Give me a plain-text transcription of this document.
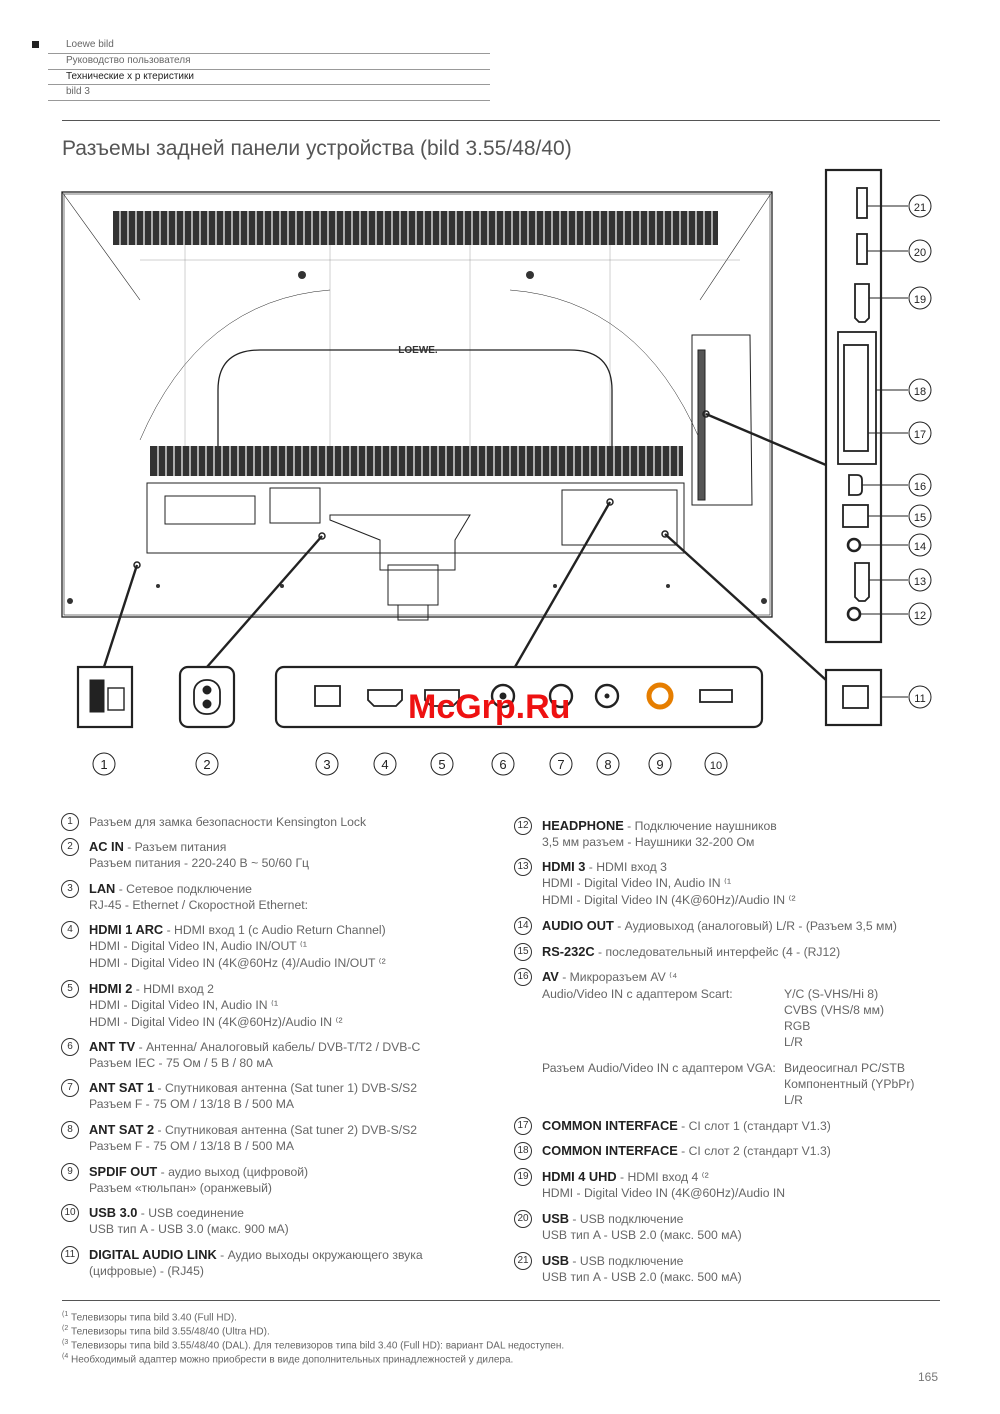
Loewe bild
Руководство пользователя
Технические х р ктеристики
bild 3
Разъемы задней панели устройства (bild 3.55/48/40)
LOEWE.
1	2	3	4	5	6	7	8	9	10
11
12
13
14
15
16
17
18
19
20
21
McGrp.Ru
1	Разъем для замка безопасности Kensington Lock
2	AC IN - Разъем питания
Разъем питания - 220-240 В ~ 50/60 Гц
3	LAN - Сетевое подключение
RJ-45 - Ethernet / Скоростной Ethernet:
4	HDMI 1 ARC - HDMI вход 1 (с Audio Return Channel)
HDMI - Digital Video IN, Audio IN/OUT ⁽¹
HDMI - Digital Video IN (4K@60Hz (4)/Audio IN/OUT ⁽²
5	HDMI 2 - HDMI вход 2
HDMI - Digital Video IN, Audio IN ⁽¹
HDMI - Digital Video IN (4K@60Hz)/Audio IN ⁽²
6	ANT TV - Антенна/ Аналоговый кабель/ DVB-T/T2 / DVB-C
Разъем IEC - 75 Ом / 5 В / 80 мА
7	ANT SAT 1 - Спутниковая антенна (Sat tuner 1) DVB-S/S2
Разъем F - 75 ОМ / 13/18 В / 500 МА
8	ANT SAT 2 - Спутниковая антенна (Sat tuner 2) DVB-S/S2
Разъем F - 75 ОМ / 13/18 В / 500 МА
9	SPDIF OUT - аудио выход (цифровой)
Разъем «тюльпан» (оранжевый)
10 USB 3.0 - USB соединение
USB тип A - USB 3.0 (макс. 900 мА)
11 DIGITAL AUDIO LINK - Аудио выходы окружающего звука
(цифровые) - (RJ45)
12 HEADPHONE - Подключение наушников
3,5 мм разъем - Наушники 32-200 Ом
13 HDMI 3 - HDMI вход 3
HDMI - Digital Video IN, Audio IN ⁽¹
HDMI - Digital Video IN (4K@60Hz)/Audio IN ⁽²
14 AUDIO OUT - Аудиовыход (аналоговый) L/R - (Разъем 3,5 мм)
15 RS-232C - последовательный интерфейс (4 - (RJ12)
16 AV - Микроразъем AV ⁽⁴
Audio/Video IN с адаптером Scart:	Y/C (S-VHS/Hi 8)
CVBS (VHS/8 мм)
RGB
L/R
Разъем Audio/Video IN с адаптером VGA: Видеосигнал PC/STB
Компонентный (YPbPr)
L/R
17 COMMON INTERFACE - CI слот 1 (стандарт V1.3)
18 COMMON INTERFACE - CI слот 2 (стандарт V1.3)
19 HDMI 4 UHD - HDMI вход 4 ⁽²
HDMI - Digital Video IN (4K@60Hz)/Audio IN
20 USB - USB подключение
USB тип A - USB 2.0 (макс. 500 мА)
21 USB - USB подключение
USB тип A - USB 2.0 (макс. 500 мА)
$^{(1}$ Телевизоры типа bild 3.40 (Full HD).
$^{(2}$ Телевизоры типа bild 3.55/48/40 (Ultra HD).
$^{(3}$ Телевизоры типа bild 3.55/48/40 (DAL). Для телевизоров типа bild 3.40 (Full HD): вариант DAL недоступен.
$^{(4}$ Необходимый адаптер можно приобрести в виде дополнительных принадлежностей у дилера.
165
